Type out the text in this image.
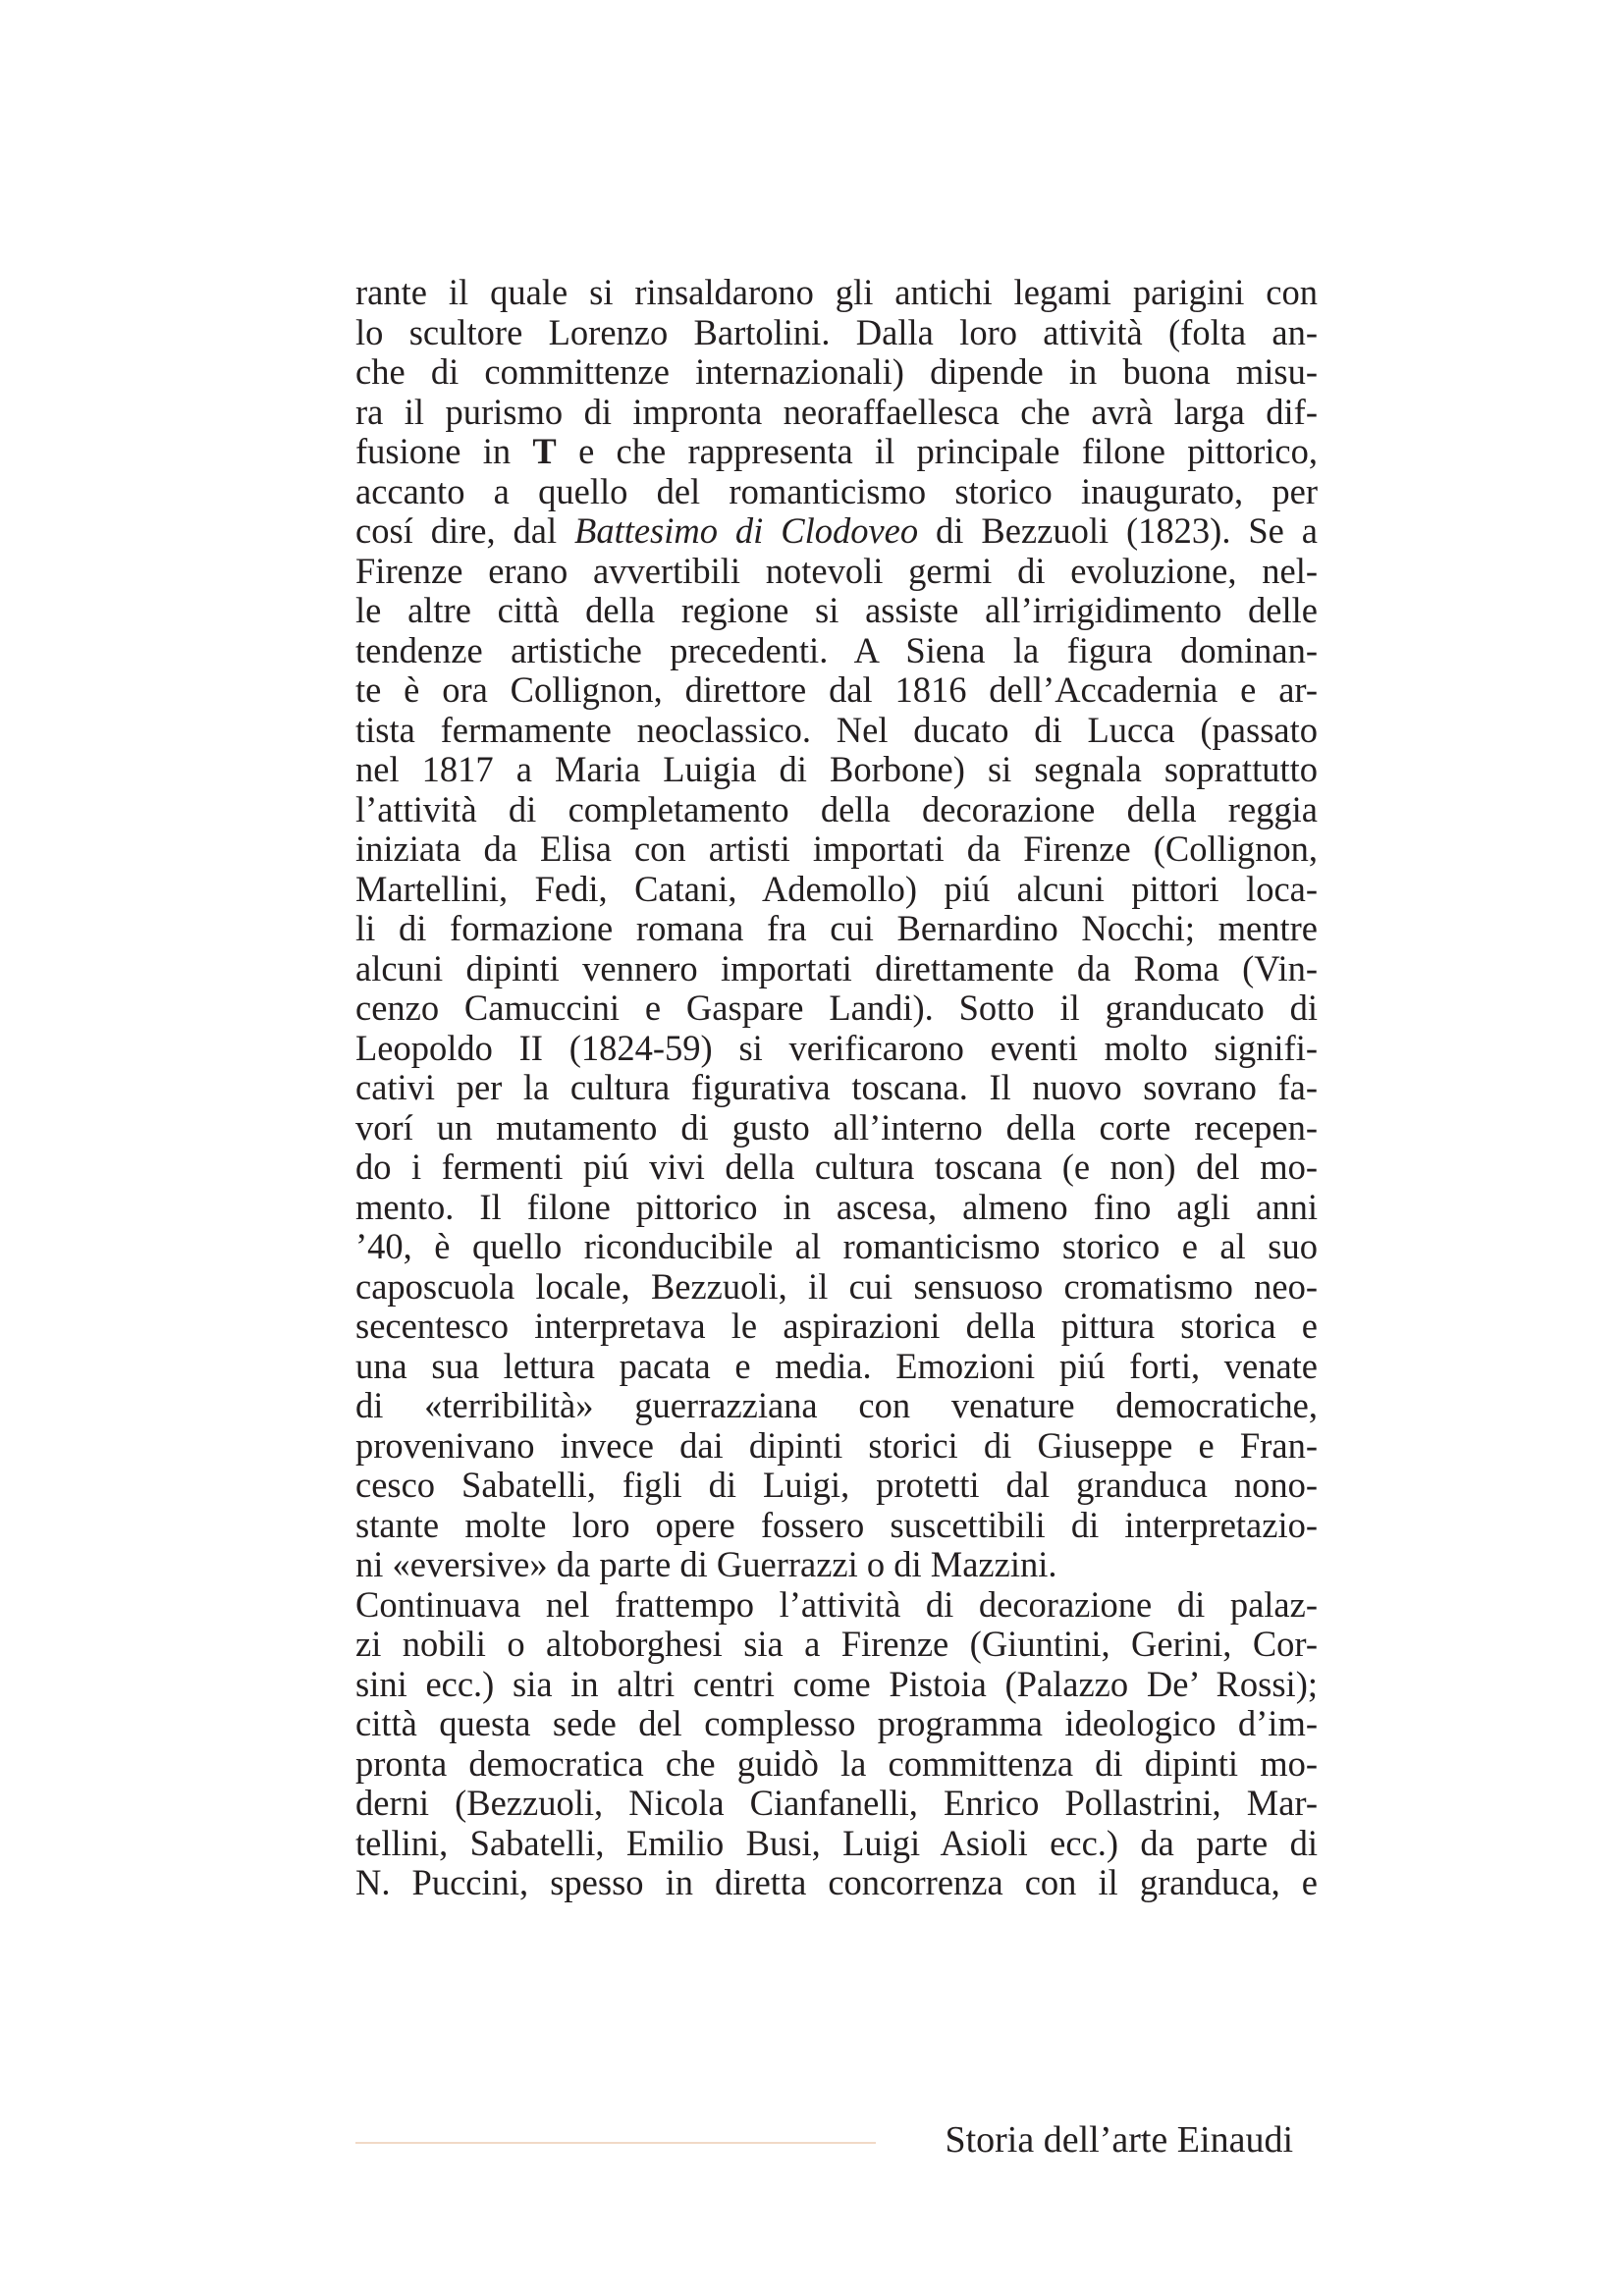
rante il quale si rinsaldarono gli antichi legami parigini con
lo scultore Lorenzo Bartolini. Dalla loro attività (folta an-
che di committenze internazionali) dipende in buona misu-
ra il purismo di impronta neoraffaellesca che avrà larga dif-
fusione in T e che rappresenta il principale filone pittorico,
accanto a quello del romanticismo storico inaugurato, per
cosí dire, dal Battesimo di Clodoveo di Bezzuoli (1823). Se a
Firenze erano avvertibili notevoli germi di evoluzione, nel-
le altre città della regione si assiste all’irrigidimento delle
tendenze artistiche precedenti. A Siena la figura dominan-
te è ora Collignon, direttore dal 1816 dell’Accadernia e ar-
tista fermamente neoclassico. Nel ducato di Lucca (passato
nel 1817 a Maria Luigia di Borbone) si segnala soprattutto
l’attività di completamento della decorazione della reggia
iniziata da Elisa con artisti importati da Firenze (Collignon,
Martellini, Fedi, Catani, Ademollo) piú alcuni pittori loca-
li di formazione romana fra cui Bernardino Nocchi; mentre
alcuni dipinti vennero importati direttamente da Roma (Vin-
cenzo Camuccini e Gaspare Landi). Sotto il granducato di
Leopoldo II (1824-59) si verificarono eventi molto signifi-
cativi per la cultura figurativa toscana. Il nuovo sovrano fa-
vorí un mutamento di gusto all’interno della corte recepen-
do i fermenti piú vivi della cultura toscana (e non) del mo-
mento. Il filone pittorico in ascesa, almeno fino agli anni
’40, è quello riconducibile al romanticismo storico e al suo
caposcuola locale, Bezzuoli, il cui sensuoso cromatismo neo-
secentesco interpretava le aspirazioni della pittura storica e
una sua lettura pacata e media. Emozioni piú forti, venate
di «terribilità» guerrazziana con venature democratiche,
provenivano invece dai dipinti storici di Giuseppe e Fran-
cesco Sabatelli, figli di Luigi, protetti dal granduca nono-
stante molte loro opere fossero suscettibili di interpretazio-
ni «eversive» da parte di Guerrazzi o di Mazzini.
Continuava nel frattempo l’attività di decorazione di palaz-
zi nobili o altoborghesi sia a Firenze (Giuntini, Gerini, Cor-
sini ecc.) sia in altri centri come Pistoia (Palazzo De’ Rossi);
città questa sede del complesso programma ideologico d’im-
pronta democratica che guidò la committenza di dipinti mo-
derni (Bezzuoli, Nicola Cianfanelli, Enrico Pollastrini, Mar-
tellini, Sabatelli, Emilio Busi, Luigi Asioli ecc.) da parte di
N. Puccini, spesso in diretta concorrenza con il granduca, e
Storia dell’arte Einaudi
